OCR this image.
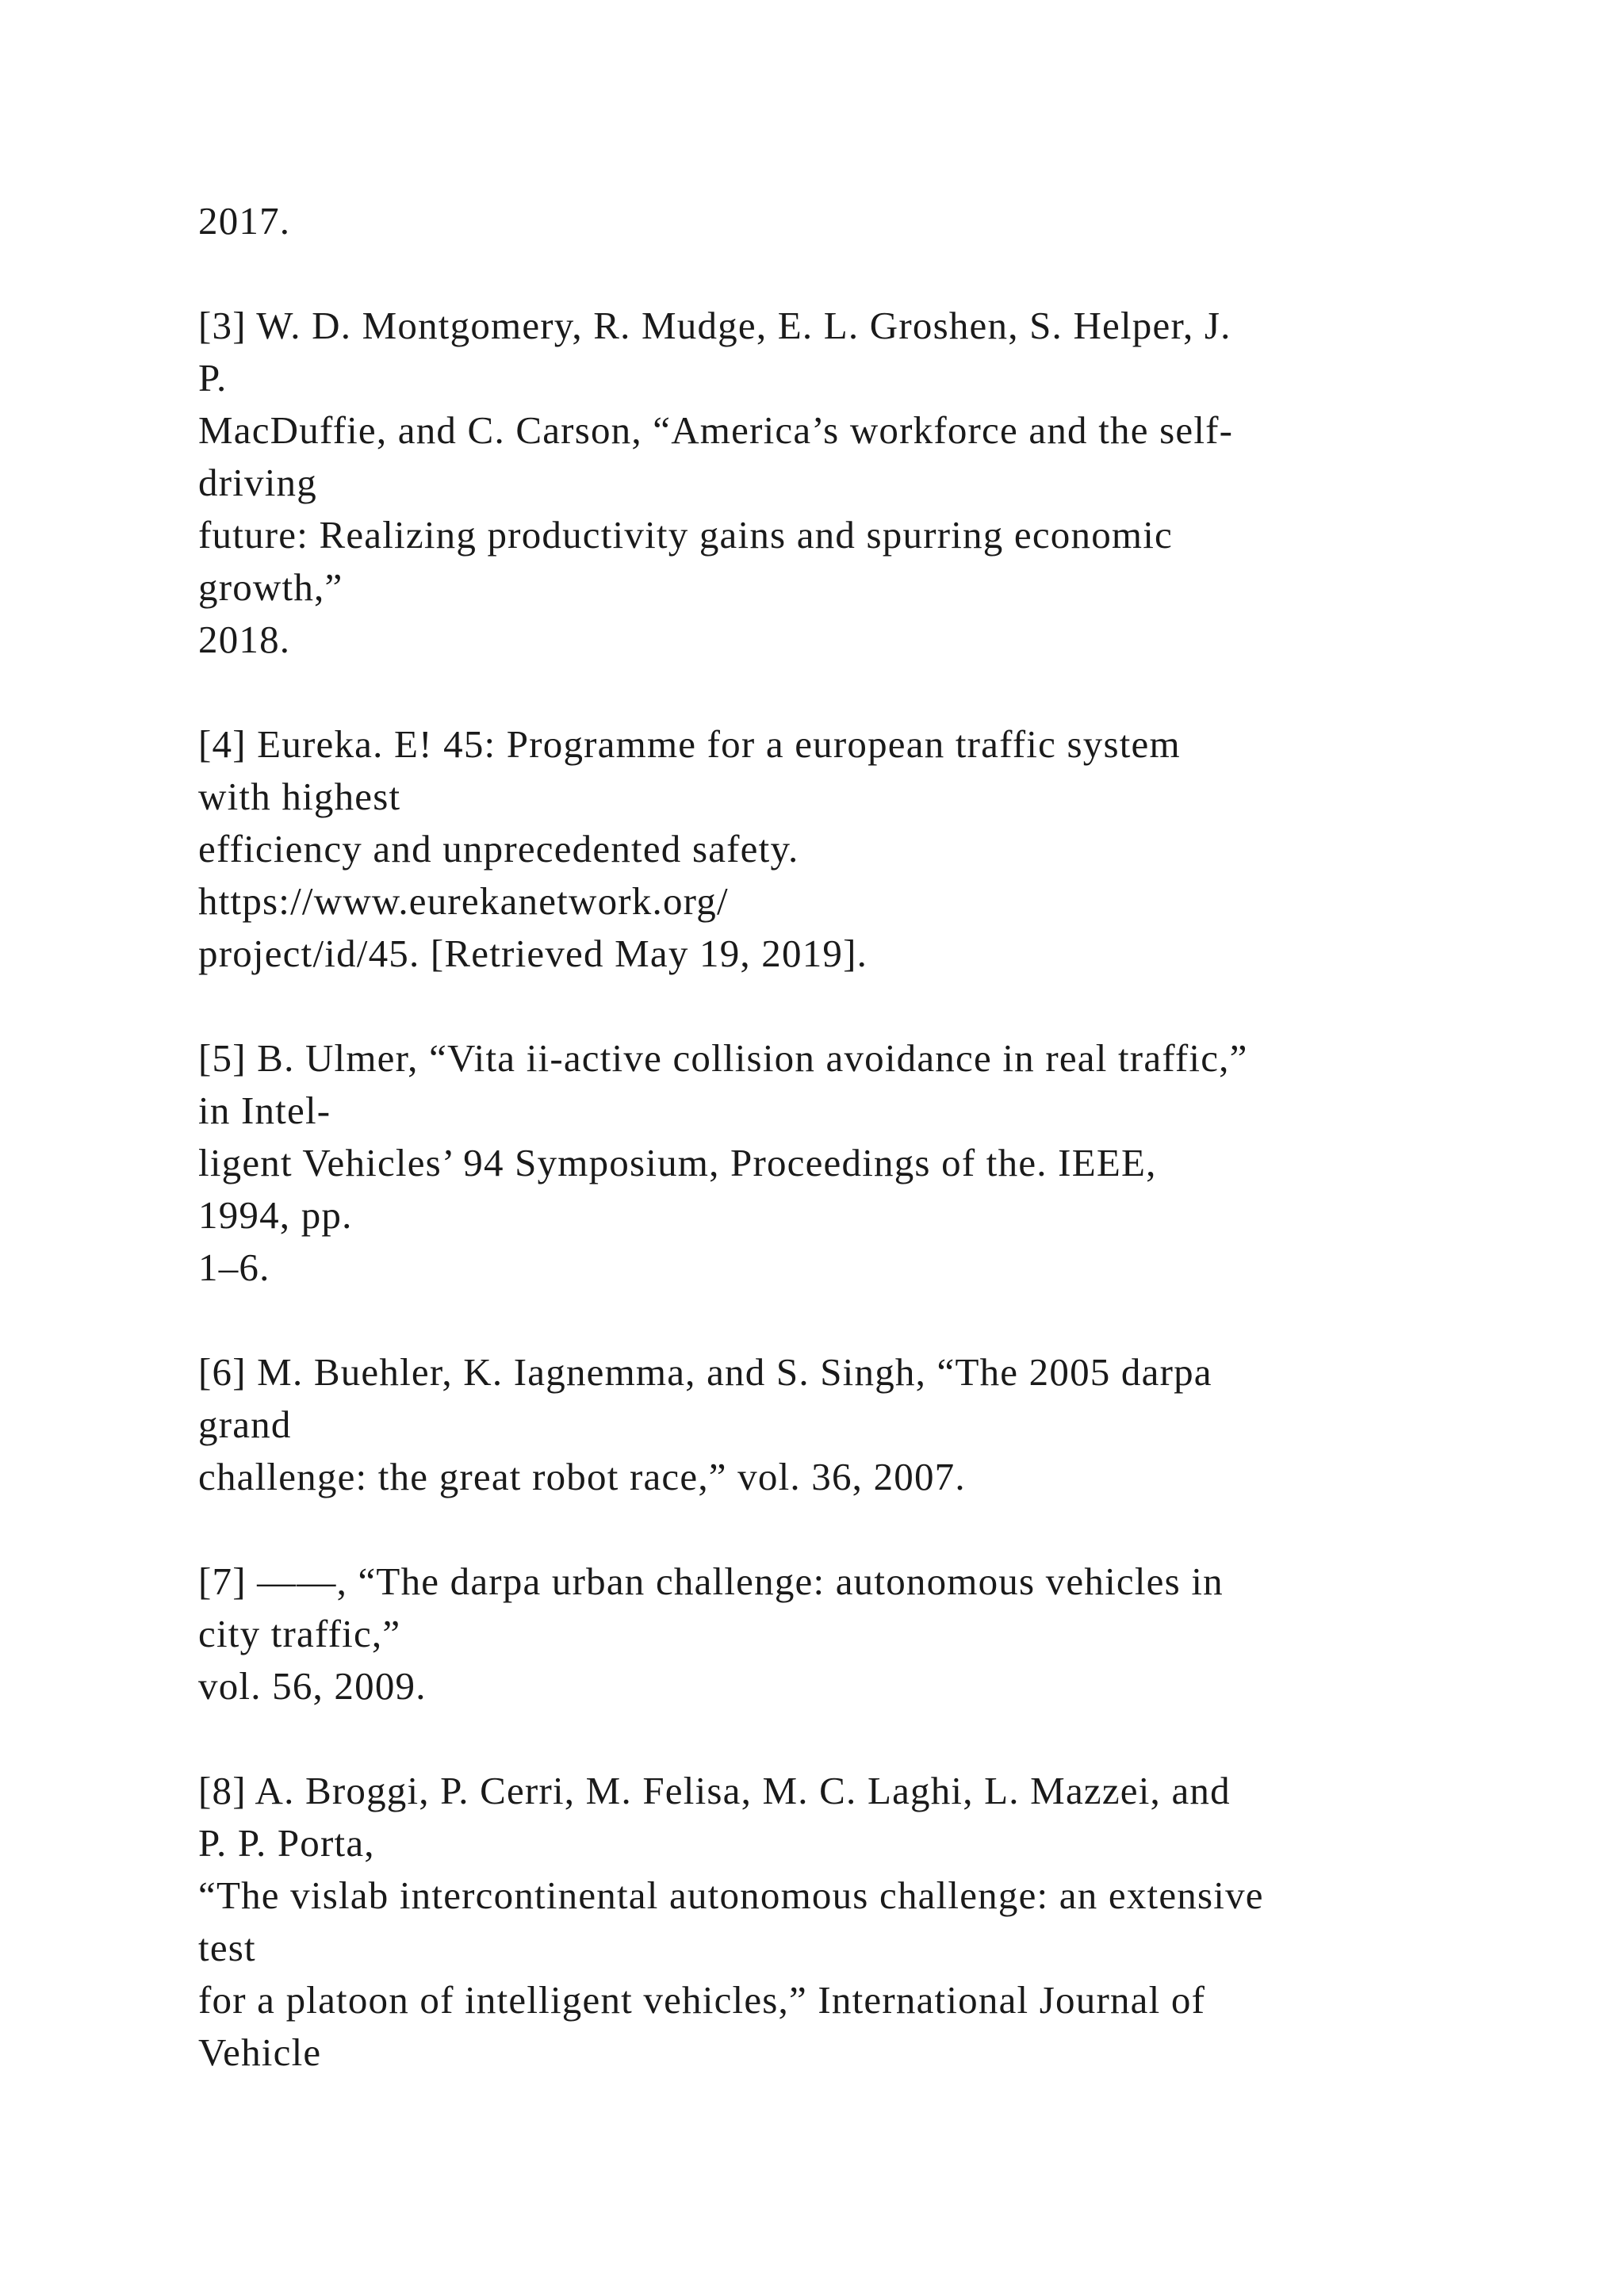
2017.
[3] W. D. Montgomery, R. Mudge, E. L. Groshen, S. Helper, J.
P.
MacDuffie, and C. Carson, “America’s workforce and the self-
driving
future: Realizing productivity gains and spurring economic
growth,”
2018.
[4] Eureka. E! 45: Programme for a european traffic system
with highest
efficiency and unprecedented safety.
https://www.eurekanetwork.org/
project/id/45. [Retrieved May 19, 2019].
[5] B. Ulmer, “Vita ii-active collision avoidance in real traffic,”
in Intel-
ligent Vehicles’ 94 Symposium, Proceedings of the. IEEE,
1994, pp.
1–6.
[6] M. Buehler, K. Iagnemma, and S. Singh, “The 2005 darpa
grand
challenge: the great robot race,” vol. 36, 2007.
[7] ——, “The darpa urban challenge: autonomous vehicles in
city traffic,”
vol. 56, 2009.
[8] A. Broggi, P. Cerri, M. Felisa, M. C. Laghi, L. Mazzei, and
P. P. Porta,
“The vislab intercontinental autonomous challenge: an extensive
test
for a platoon of intelligent vehicles,” International Journal of
Vehicle
